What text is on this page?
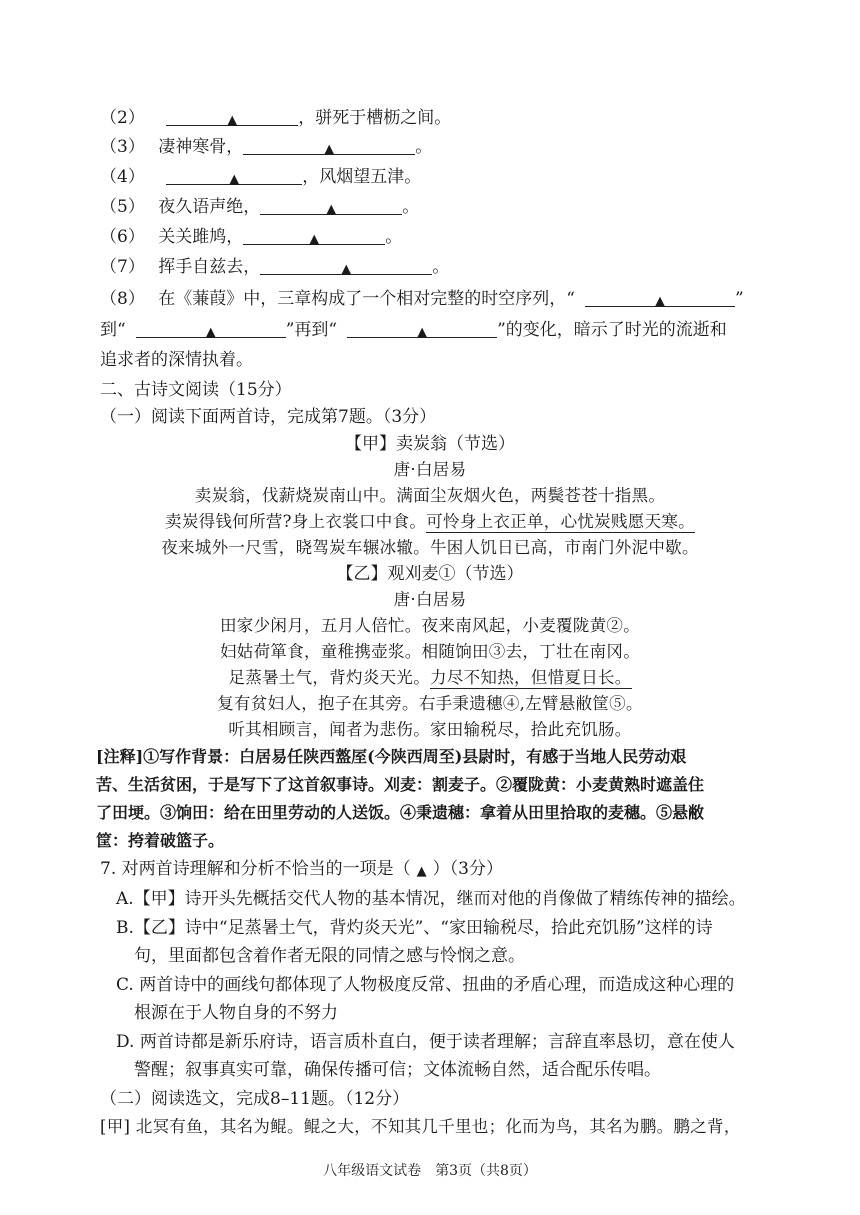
（2）	▲	，骈死于槽枥之间。
（3） 凄神寒骨，	▲	。
（4）	▲	，风烟望五津。
（5） 夜久语声绝，	▲	。
（6） 关关雎鸠，	▲	。
（7） 挥手自兹去，	▲	。
（8） 在《蒹葭》中，三章构成了一个相对完整的时空序列，“	▲	”
到“	▲	”再到“	▲	”的变化，暗示了时光的流逝和
追求者的深情执着。
二、古诗文阅读（15分）
（一）阅读下面两首诗，完成第7题。（3分）
【甲】卖炭翁（节选）
唐·白居易
卖炭翁，伐薪烧炭南山中。满面尘灰烟火色，两鬓苍苍十指黑。
卖炭得钱何所营?身上衣裳口中食。可怜身上衣正单，心忧炭贱愿天寒。
夜来城外一尺雪，晓驾炭车辗冰辙。牛困人饥日已高，市南门外泥中歇。
【乙】观刈麦①（节选）
唐·白居易
田家少闲月，五月人倍忙。夜来南风起，小麦覆陇黄②。
妇姑荷箪食，童稚携壶浆。相随饷田③去，丁壮在南冈。
足蒸暑土气，背灼炎天光。力尽不知热，但惜夏日长。
复有贫妇人，抱子在其旁。右手秉遗穗④,左臂悬敝筐⑤。
听其相顾言，闻者为悲伤。家田输税尽，拾此充饥肠。
[注释]①写作背景：白居易任陕西盩厔(今陕西周至)县尉时，有感于当地人民劳动艰
苦、生活贫困，于是写下了这首叙事诗。刈麦：割麦子。②覆陇黄：小麦黄熟时遮盖住
了田埂。③饷田：给在田里劳动的人送饭。④秉遗穗：拿着从田里拾取的麦穗。⑤悬敝
筐：挎着破篮子。
7. 对两首诗理解和分析不恰当的一项是（ ▲ ）（3分）
A.【甲】诗开头先概括交代人物的基本情况，继而对他的肖像做了精练传神的描绘。
B.【乙】诗中“足蒸暑土气，背灼炎天光”、“家田输税尽，拾此充饥肠”这样的诗
句，里面都包含着作者无限的同情之感与怜悯之意。
C. 两首诗中的画线句都体现了人物极度反常、扭曲的矛盾心理，而造成这种心理的
根源在于人物自身的不努力
D. 两首诗都是新乐府诗，语言质朴直白，便于读者理解；言辞直率恳切，意在使人
警醒；叙事真实可靠，确保传播可信；文体流畅自然，适合配乐传唱。
（二）阅读选文，完成8–11题。（12分）
[甲] 北冥有鱼，其名为鲲。鲲之大，不知其几千里也；化而为鸟，其名为鹏。鹏之背，
八年级语文试卷　第3页（共8页）
